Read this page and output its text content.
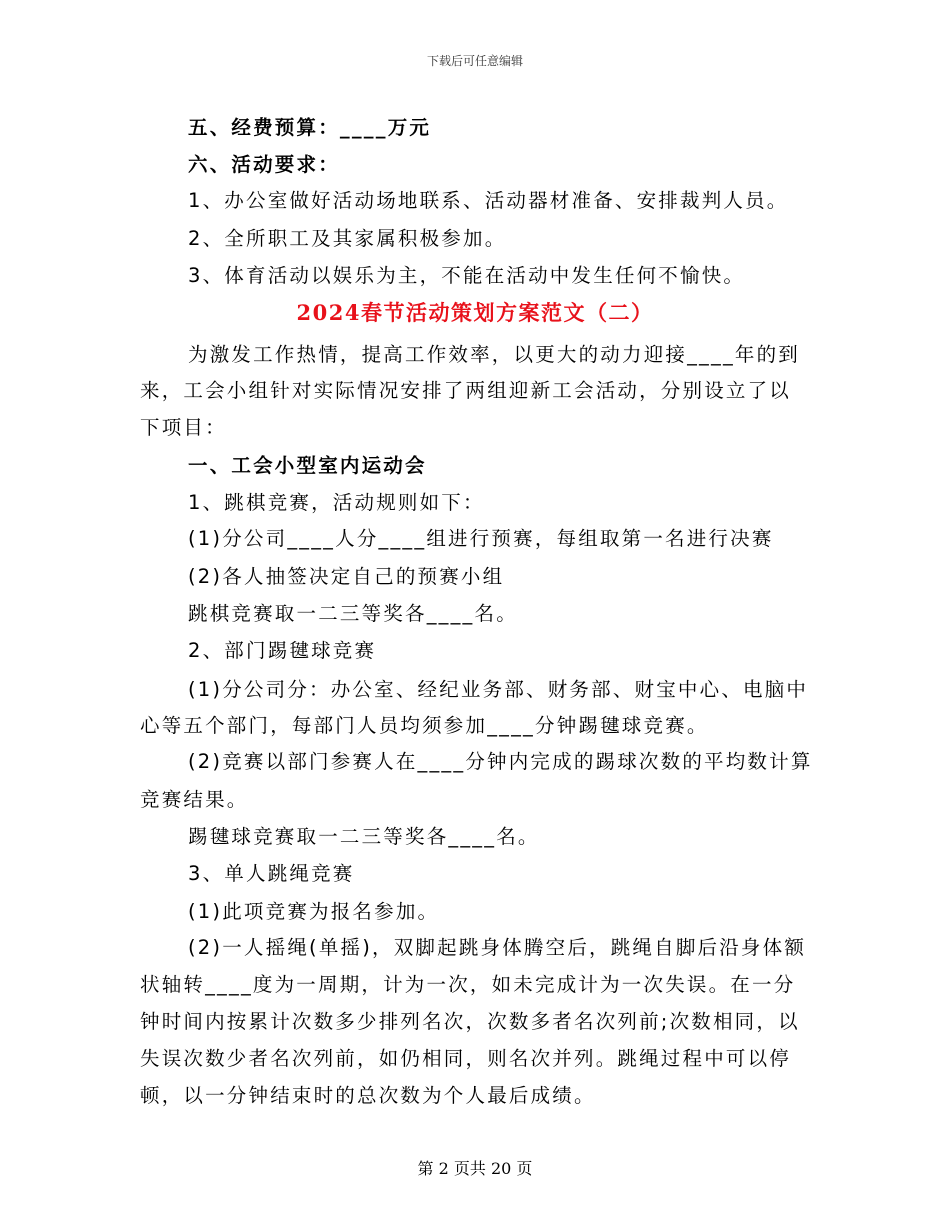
下载后可任意编辑
五、经费预算：____万元
六、活动要求：
1、办公室做好活动场地联系、活动器材准备、安排裁判人员。
2、全所职工及其家属积极参加。
3、体育活动以娱乐为主，不能在活动中发生任何不愉快。
2024春节活动策划方案范文（二）
为激发工作热情，提高工作效率，以更大的动力迎接____年的到
来，工会小组针对实际情况安排了两组迎新工会活动，分别设立了以
下项目：
一、工会小型室内运动会
1、跳棋竞赛，活动规则如下：
(1)分公司____人分____组进行预赛，每组取第一名进行决赛
(2)各人抽签决定自己的预赛小组
跳棋竞赛取一二三等奖各____名。
2、部门踢毽球竞赛
(1)分公司分：办公室、经纪业务部、财务部、财宝中心、电脑中
心等五个部门，每部门人员均须参加____分钟踢毽球竞赛。
(2)竞赛以部门参赛人在____分钟内完成的踢球次数的平均数计算
竞赛结果。
踢毽球竞赛取一二三等奖各____名。
3、单人跳绳竞赛
(1)此项竞赛为报名参加。
(2)一人摇绳(单摇)，双脚起跳身体腾空后，跳绳自脚后沿身体额
状轴转____度为一周期，计为一次，如未完成计为一次失误。在一分
钟时间内按累计次数多少排列名次，次数多者名次列前;次数相同，以
失误次数少者名次列前，如仍相同，则名次并列。跳绳过程中可以停
顿，以一分钟结束时的总次数为个人最后成绩。
第 2 页共 20 页
